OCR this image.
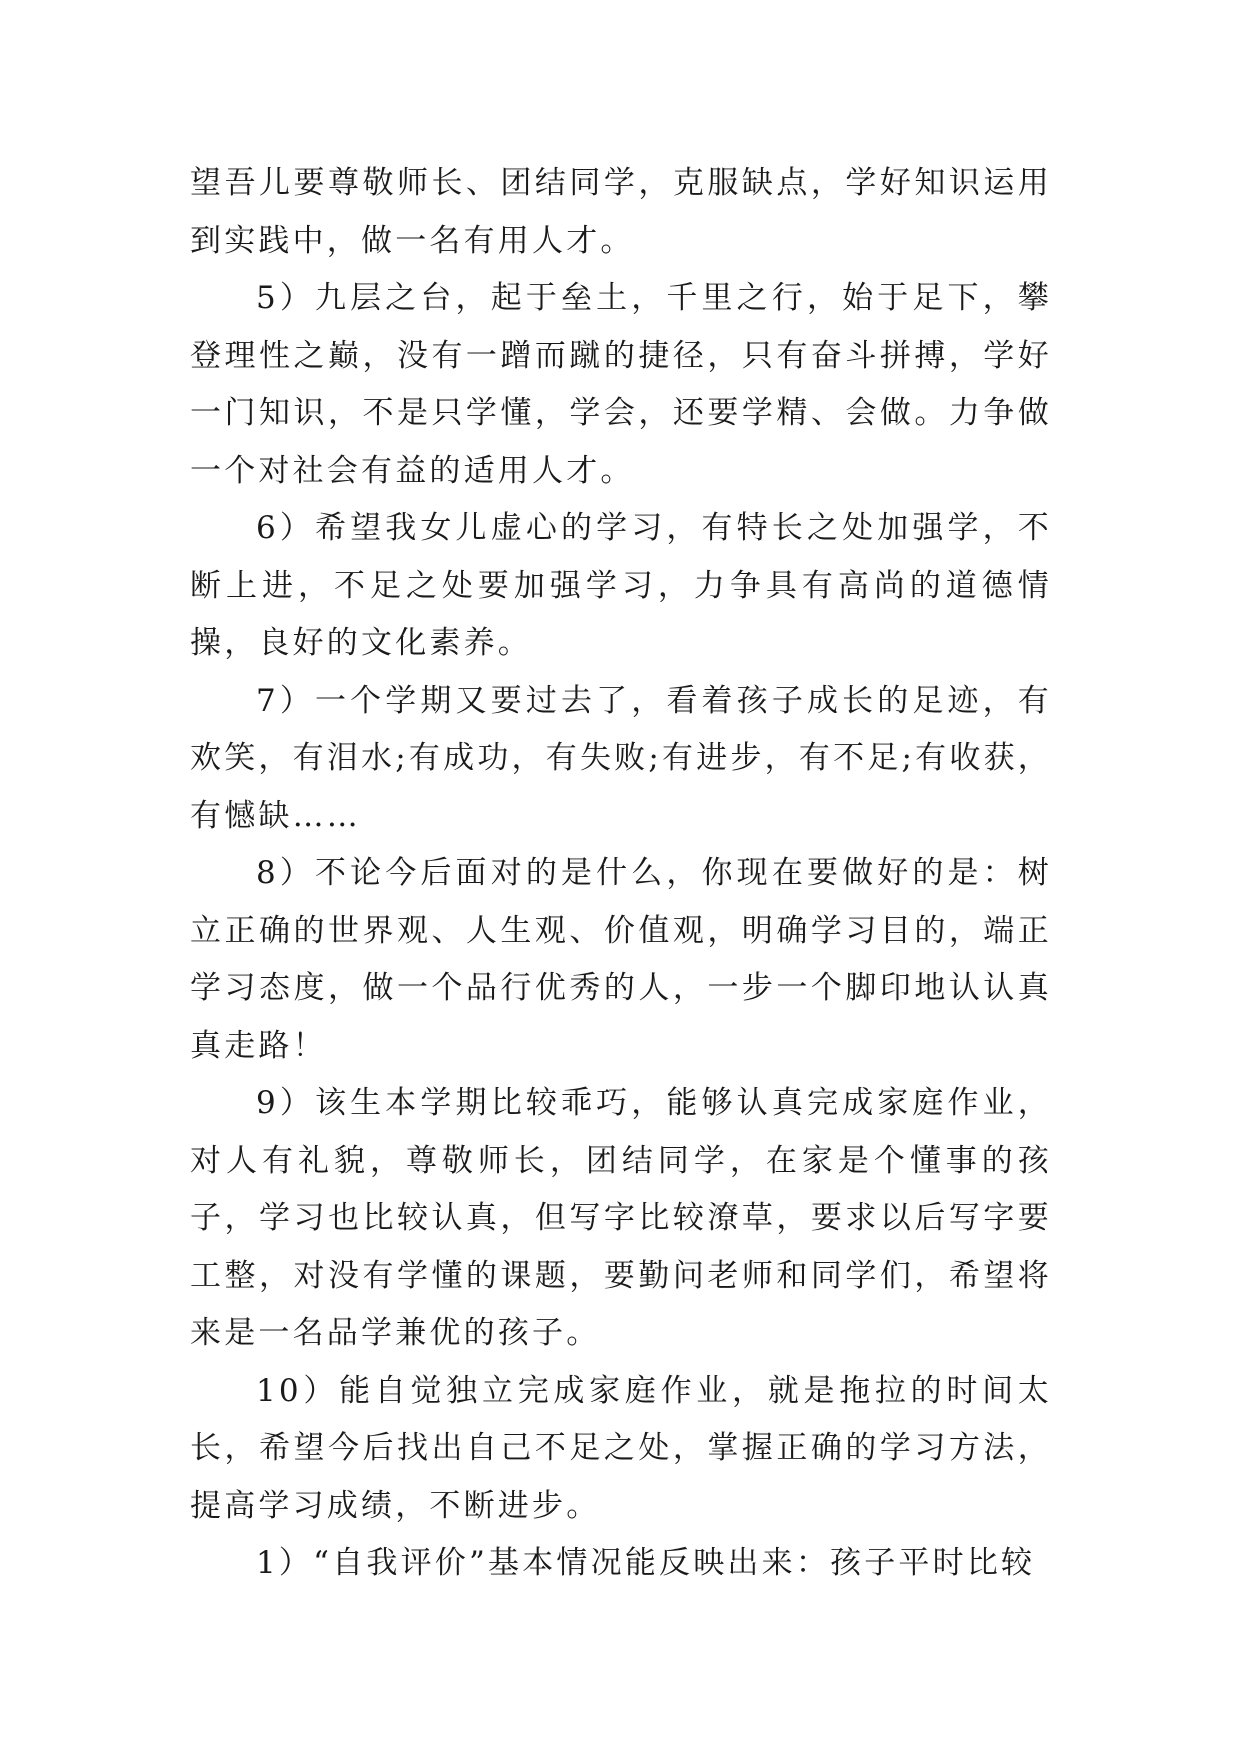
望吾儿要尊敬师长、团结同学，克服缺点，学好知识运用到实践中，做一名有用人才。

5）九层之台，起于垒土，千里之行，始于足下，攀登理性之巅，没有一蹭而蹴的捷径，只有奋斗拼搏，学好一门知识，不是只学懂，学会，还要学精、会做。力争做一个对社会有益的适用人才。

6）希望我女儿虚心的学习，有特长之处加强学，不断上进，不足之处要加强学习，力争具有高尚的道德情操，良好的文化素养。

7）一个学期又要过去了，看着孩子成长的足迹，有欢笑，有泪水;有成功，有失败;有进步，有不足;有收获，有憾缺……

8）不论今后面对的是什么，你现在要做好的是：树立正确的世界观、人生观、价值观，明确学习目的，端正学习态度，做一个品行优秀的人，一步一个脚印地认认真真走路！

9）该生本学期比较乖巧，能够认真完成家庭作业，对人有礼貌，尊敬师长，团结同学，在家是个懂事的孩子，学习也比较认真，但写字比较潦草，要求以后写字要工整，对没有学懂的课题，要勤问老师和同学们，希望将来是一名品学兼优的孩子。

10）能自觉独立完成家庭作业，就是拖拉的时间太长，希望今后找出自己不足之处，掌握正确的学习方法，提高学习成绩，不断进步。

1）“自我评价”基本情况能反映出来：孩子平时比较
